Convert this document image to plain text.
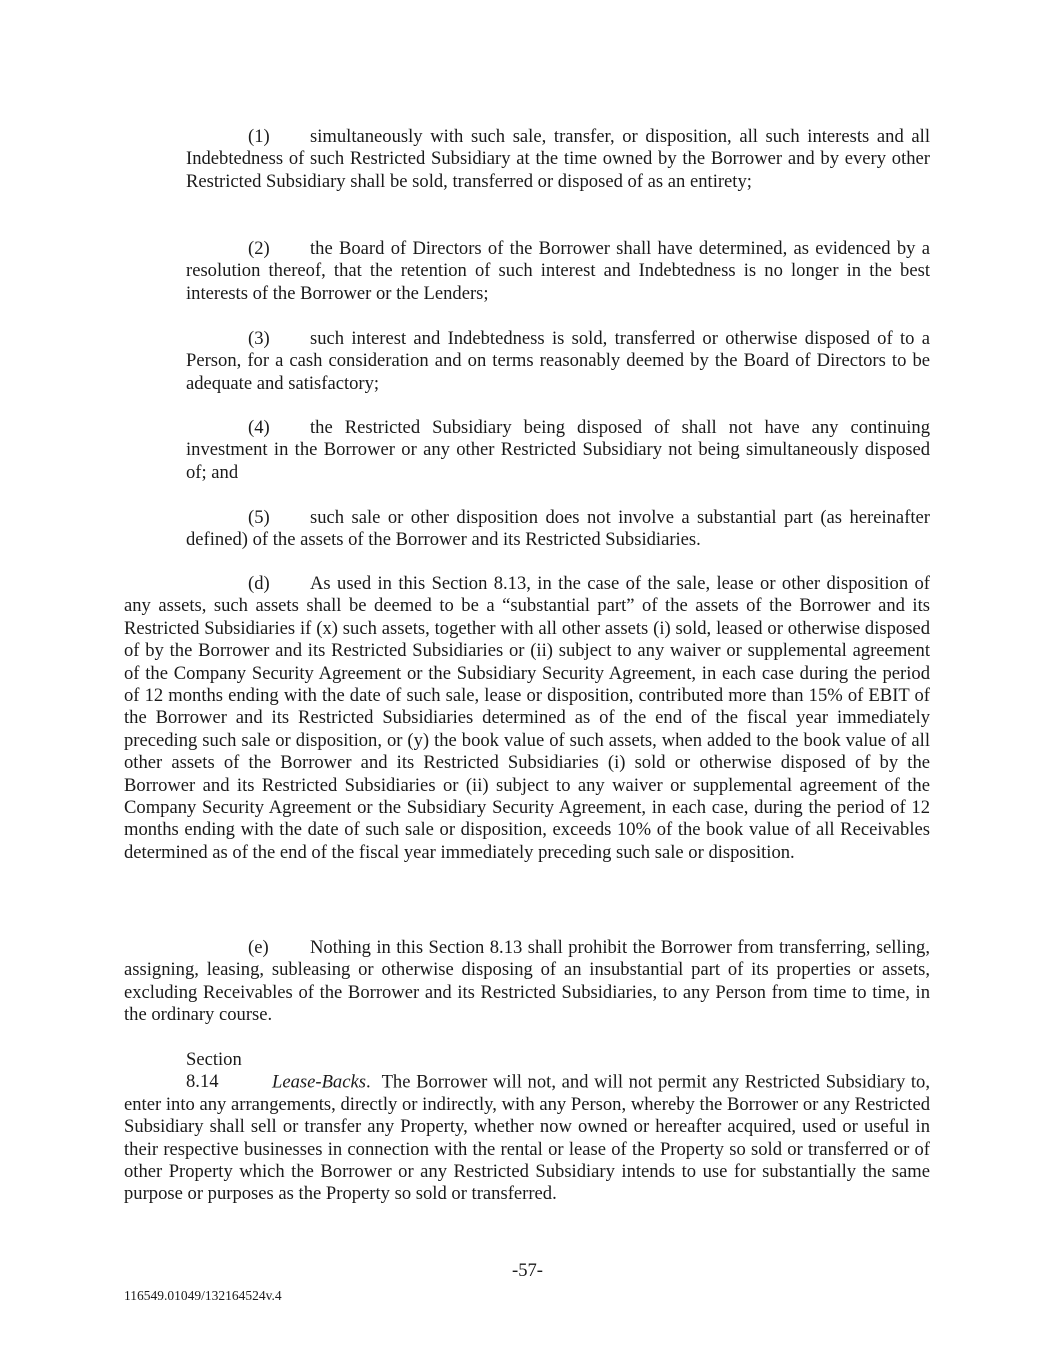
(1) simultaneously with such sale, transfer, or disposition, all such interests and all Indebtedness of such Restricted Subsidiary at the time owned by the Borrower and by every other Restricted Subsidiary shall be sold, transferred or disposed of as an entirety;

(2) the Board of Directors of the Borrower shall have determined, as evidenced by a resolution thereof, that the retention of such interest and Indebtedness is no longer in the best interests of the Borrower or the Lenders;

(3) such interest and Indebtedness is sold, transferred or otherwise disposed of to a Person, for a cash consideration and on terms reasonably deemed by the Board of Directors to be adequate and satisfactory;

(4) the Restricted Subsidiary being disposed of shall not have any continuing investment in the Borrower or any other Restricted Subsidiary not being simultaneously disposed of; and

(5) such sale or other disposition does not involve a substantial part (as hereinafter defined) of the assets of the Borrower and its Restricted Subsidiaries.

(d) As used in this Section 8.13, in the case of the sale, lease or other disposition of any assets, such assets shall be deemed to be a “substantial part” of the assets of the Borrower and its Restricted Subsidiaries if (x) such assets, together with all other assets (i) sold, leased or otherwise disposed of by the Borrower and its Restricted Subsidiaries or (ii) subject to any waiver or supplemental agreement of the Company Security Agreement or the Subsidiary Security Agreement, in each case during the period of 12 months ending with the date of such sale, lease or disposition, contributed more than 15% of EBIT of the Borrower and its Restricted Subsidiaries determined as of the end of the fiscal year immediately preceding such sale or disposition, or (y) the book value of such assets, when added to the book value of all other assets of the Borrower and its Restricted Subsidiaries (i) sold or otherwise disposed of by the Borrower and its Restricted Subsidiaries or (ii) subject to any waiver or supplemental agreement of the Company Security Agreement or the Subsidiary Security Agreement, in each case, during the period of 12 months ending with the date of such sale or disposition, exceeds 10% of the book value of all Receivables determined as of the end of the fiscal year immediately preceding such sale or disposition.

(e) Nothing in this Section 8.13 shall prohibit the Borrower from transferring, selling, assigning, leasing, subleasing or otherwise disposing of an insubstantial part of its properties or assets, excluding Receivables of the Borrower and its Restricted Subsidiaries, to any Person from time to time, in the ordinary course.

Section 8.14	Lease-Backs.  The Borrower will not, and will not permit any Restricted Subsidiary to, enter into any arrangements, directly or indirectly, with any Person, whereby the Borrower or any Restricted Subsidiary shall sell or transfer any Property, whether now owned or hereafter acquired, used or useful in their respective businesses in connection with the rental or lease of the Property so sold or transferred or of other Property which the Borrower or any Restricted Subsidiary intends to use for substantially the same purpose or purposes as the Property so sold or transferred.

-57-
116549.01049/132164524v.4
